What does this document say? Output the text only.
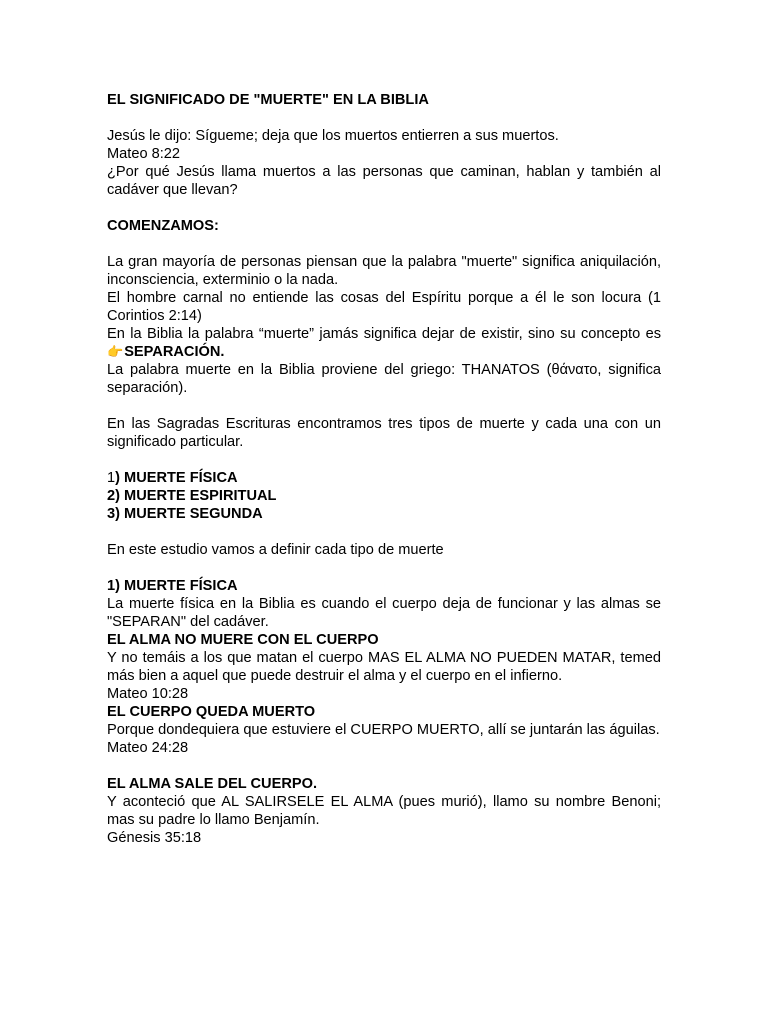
EL SIGNIFICADO DE "MUERTE" EN LA BIBLIA
Jesús le dijo: Sígueme; deja que los muertos entierren a sus muertos.
Mateo 8:22
¿Por qué Jesús llama muertos a las personas que caminan, hablan y también al cadáver que llevan?
COMENZAMOS:
La gran mayoría de personas piensan que la palabra "muerte" significa aniquilación, inconsciencia, exterminio o la nada.
El hombre carnal no entiende las cosas del Espíritu porque a él le son locura (1 Corintios 2:14)
En la Biblia la palabra “muerte” jamás significa dejar de existir, sino su concepto es 👉SEPARACIÓN.
La palabra muerte en la Biblia proviene del griego: THANATOS (θάνατο, significa separación).
En las Sagradas Escrituras encontramos tres tipos de muerte y cada una con un significado particular.
1) MUERTE FÍSICA
2) MUERTE ESPIRITUAL
3) MUERTE SEGUNDA
En este estudio vamos a definir cada tipo de muerte
1) MUERTE FÍSICA
La muerte física en la Biblia es cuando el cuerpo deja de funcionar y las almas se "SEPARAN" del cadáver.
EL ALMA NO MUERE CON EL CUERPO
Y no temáis a los que matan el cuerpo MAS EL ALMA NO PUEDEN MATAR, temed más bien a aquel que puede destruir el alma y el cuerpo en el infierno.
Mateo 10:28
EL CUERPO QUEDA MUERTO
Porque dondequiera que estuviere el CUERPO MUERTO, allí se juntarán las águilas.
Mateo 24:28
EL ALMA SALE DEL CUERPO.
Y aconteció que AL SALIRSELE EL ALMA (pues murió), llamo su nombre Benoni; mas su padre lo llamo Benjamín.
Génesis 35:18
